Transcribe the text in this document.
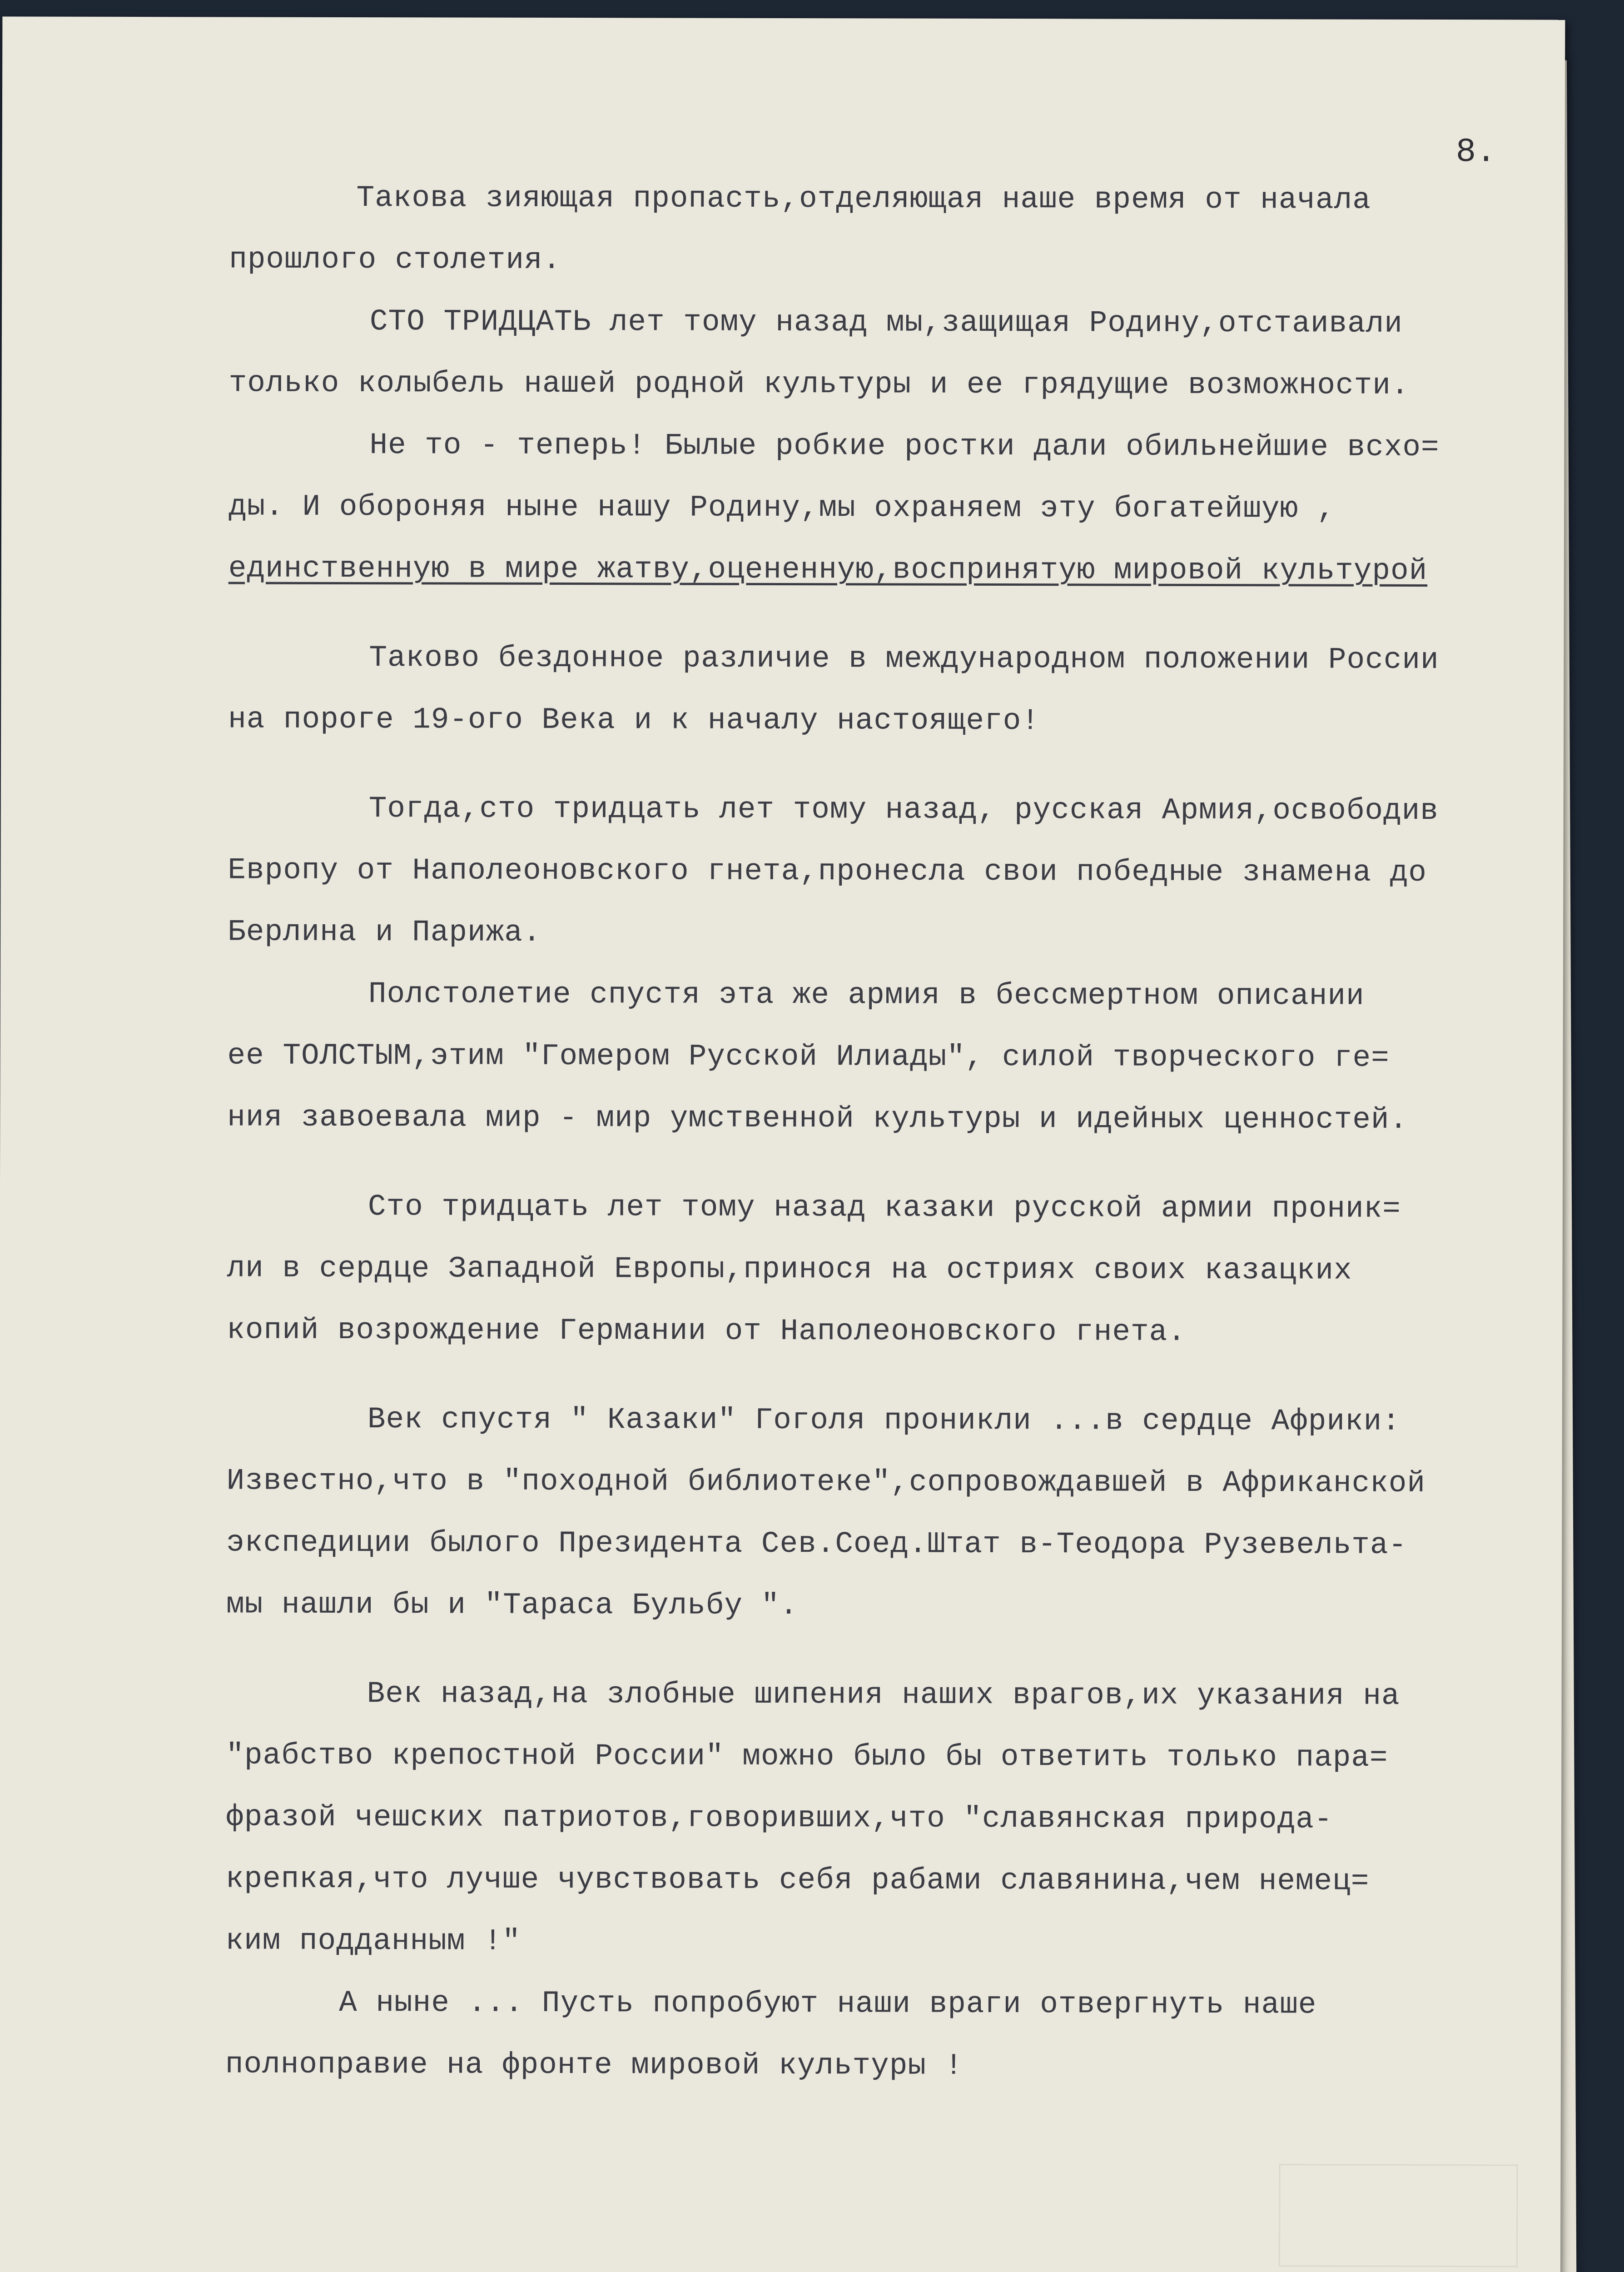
8.
Такова зияющая пропасть,отделяющая наше время от начала
прошлого столетия.
СТО ТРИДЦАТЬ лет тому назад мы,защищая Родину,отстаивали
только колыбель нашей родной культуры и ее грядущие возможности.
Не то - теперь! Былые робкие ростки дали обильнейшие всхо=
ды. И обороняя ныне нашу Родину,мы охраняем эту богатейшую ,
единственную в мире жатву,оцененную,воспринятую мировой культурой
Таково бездонное различие в международном положении России
на пороге 19-ого Века и к началу настоящего!
Тогда,сто тридцать лет тому назад, русская Армия,освободив
Европу от Наполеоновского гнета,пронесла свои победные знамена до
Берлина и Парижа.
Полстолетие спустя эта же армия в бессмертном описании
ее ТОЛСТЫМ,этим "Гомером Русской Илиады", силой творческого ге=
ния завоевала мир - мир умственной культуры и идейных ценностей.
Сто тридцать лет тому назад казаки русской армии проник=
ли в сердце Западной Европы,принося на остриях своих казацких
копий возрождение Германии от Наполеоновского гнета.
Век спустя " Казаки" Гоголя проникли ...в сердце Африки:
Известно,что в "походной библиотеке",сопровождавшей в Африканской
экспедиции былого Президента Сев.Соед.Штат в-Теодора Рузевельта-
мы нашли бы и "Тараса Бульбу ".
Век назад,на злобные шипения наших врагов,их указания на
"рабство крепостной России" можно было бы ответить только пара=
фразой чешских патриотов,говоривших,что "славянская природа-
крепкая,что лучше чувствовать себя рабами славянина,чем немец=
ким подданным !"
А ныне ... Пусть попробуют наши враги отвергнуть наше
полноправие на фронте мировой культуры !
